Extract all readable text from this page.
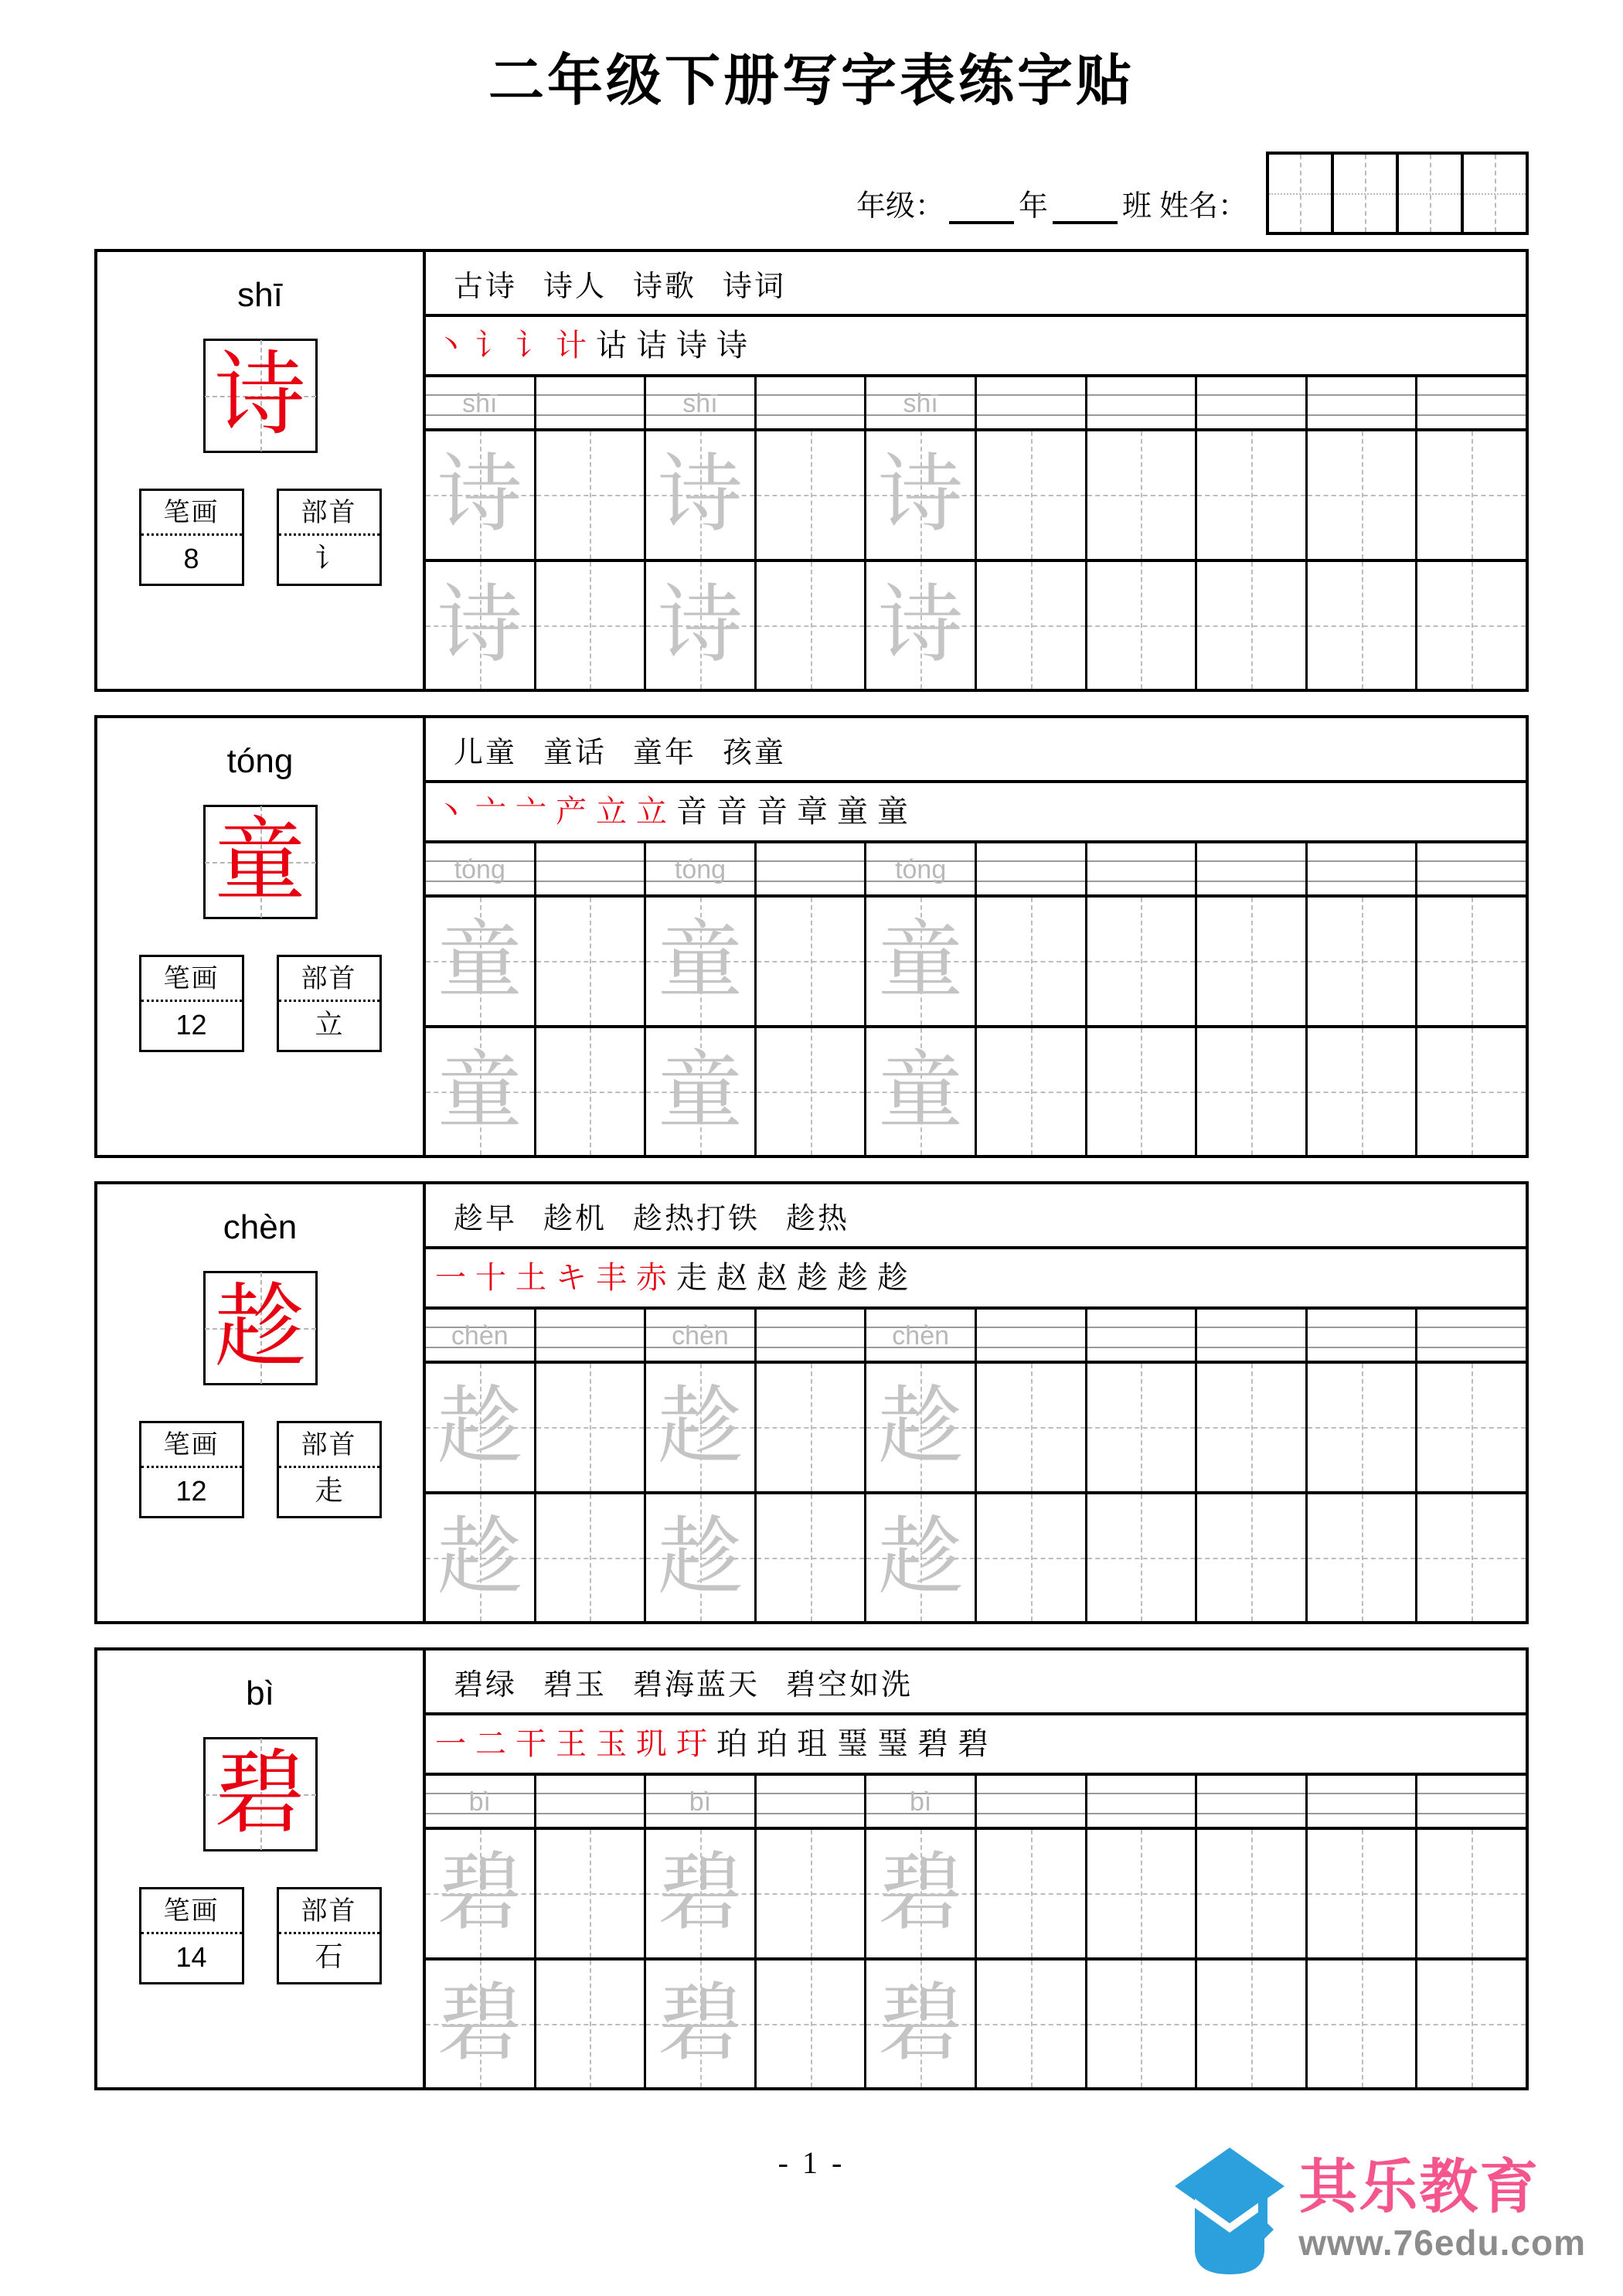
二年级下册写字表练字贴
年级：	年	班 姓名：
shī
诗
笔画
8
部首
讠
古诗 诗人 诗歌 诗词
丶 讠 讠 计 诂 诘 诗 诗
shī	shī	shī
诗 诗 诗
诗 诗 诗
tóng
童
笔画
12
部首
立
儿童 童话 童年 孩童
丶 亠 亠 产 立 立 音 音 音 章 童 童
tóng	tóng	tóng
童 童 童
童 童 童
chèn
趁
笔画
12
部首
走
趁早 趁机 趁热打铁 趁热
一 十 土 キ 丰 赤 走 赵 赵 趁 趁 趁
chèn	chèn	chèn
趁 趁 趁
趁 趁 趁
bì
碧
笔画
14
部首
石
碧绿 碧玉 碧海蓝天 碧空如洗
一 二 干 王 玉 玑 玗 珀 珀 珇 琧 琧 碧 碧
bì	bì	bì
碧 碧 碧
碧 碧 碧
- 1 -	其乐教育
www.76edu.com
